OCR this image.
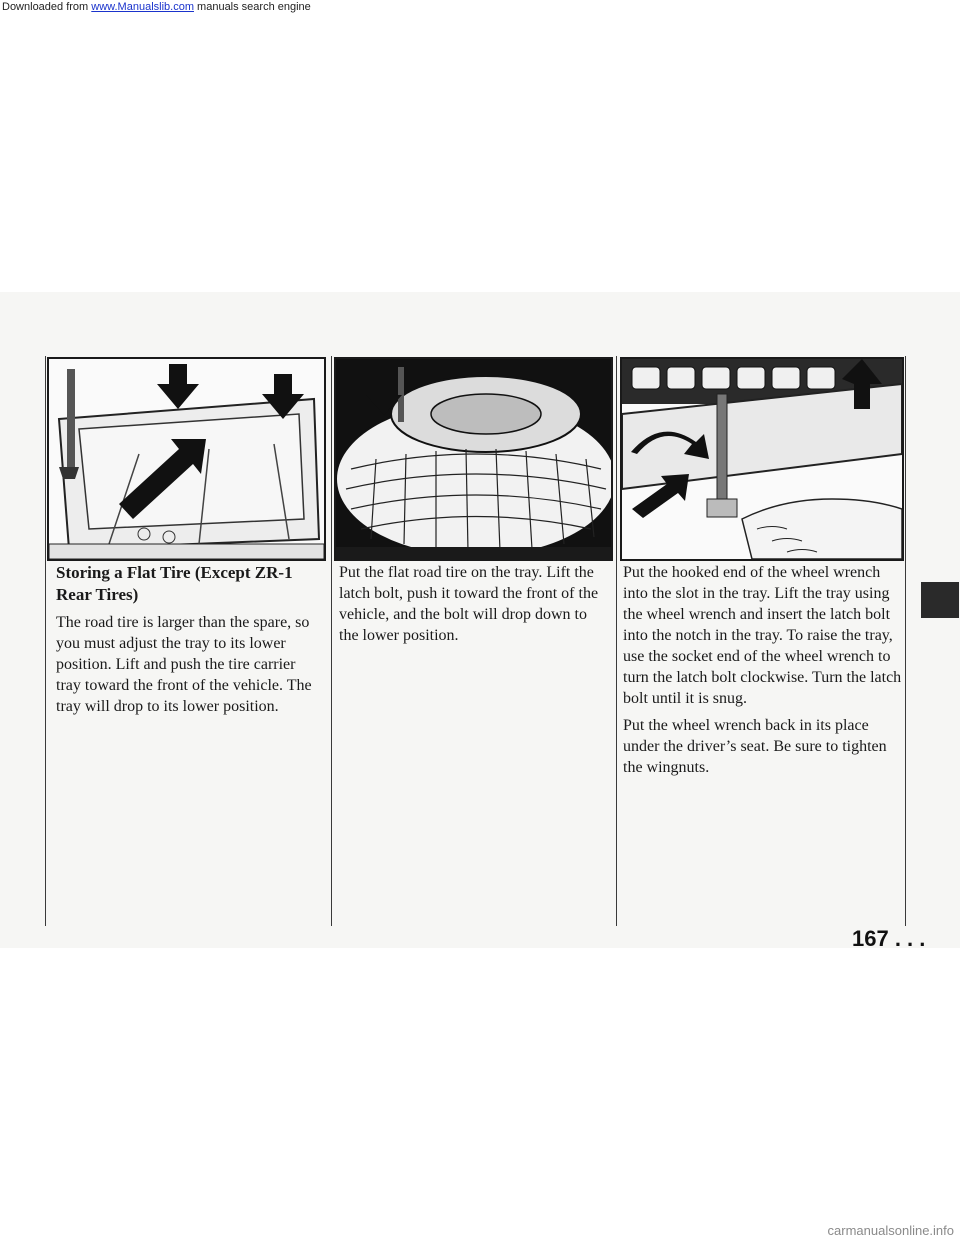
Downloaded from www.Manualslib.com manuals search engine

Storing a Flat Tire (Except ZR-1 Rear Tires)

The road tire is larger than the spare, so you must adjust the tray to its lower position. Lift and push the tire carrier tray toward the front of the vehicle. The tray will drop to its lower position.

Put the flat road tire on the tray. Lift the latch bolt, push it toward the front of the vehicle, and the bolt will drop down to the lower position.

Put the hooked end of the wheel wrench into the slot in the tray. Lift the tray using the wheel wrench and insert the latch bolt into the notch in the tray. To raise the tray, use the socket end of the wheel wrench to turn the latch bolt clockwise. Turn the latch bolt until it is snug.

Put the wheel wrench back in its place under the driver’s seat. Be sure to tighten the wingnuts.

167 . . .
carmanualsonline.info
